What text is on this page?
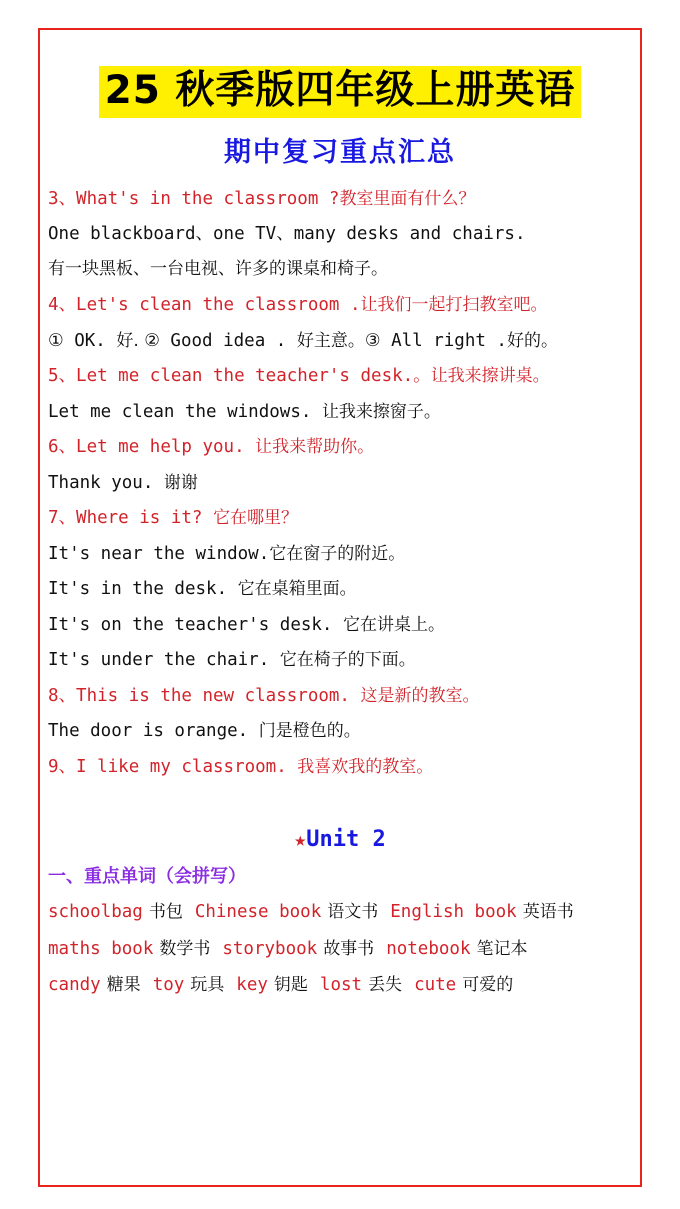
25 秋季版四年级上册英语
期中复习重点汇总

3、What's in the classroom ?教室里面有什么？

One blackboard、one TV、many desks and chairs.

有一块黑板、一台电视、许多的课桌和椅子。

4、Let's clean the classroom .让我们一起打扫教室吧。

① OK. 好. ② Good idea . 好主意。③ All right .好的。

5、Let me clean the teacher's desk.。让我来擦讲桌。

Let me clean the windows. 让我来擦窗子。

6、Let me help you. 让我来帮助你。

Thank you. 谢谢

7、Where is it? 它在哪里？

It's near the window.它在窗子的附近。

It's in the desk. 它在桌箱里面。

It's on the teacher's desk. 它在讲桌上。

It's under the chair. 它在椅子的下面。

8、This is the new classroom. 这是新的教室。

The door is orange. 门是橙色的。

9、I like my classroom. 我喜欢我的教室。

★Unit 2
一、重点单词（会拼写）

schoolbag 书包 Chinese book 语文书 English book 英语书

maths book 数学书 storybook 故事书 notebook 笔记本

candy 糖果 toy 玩具 key 钥匙 lost 丢失 cute 可爱的
